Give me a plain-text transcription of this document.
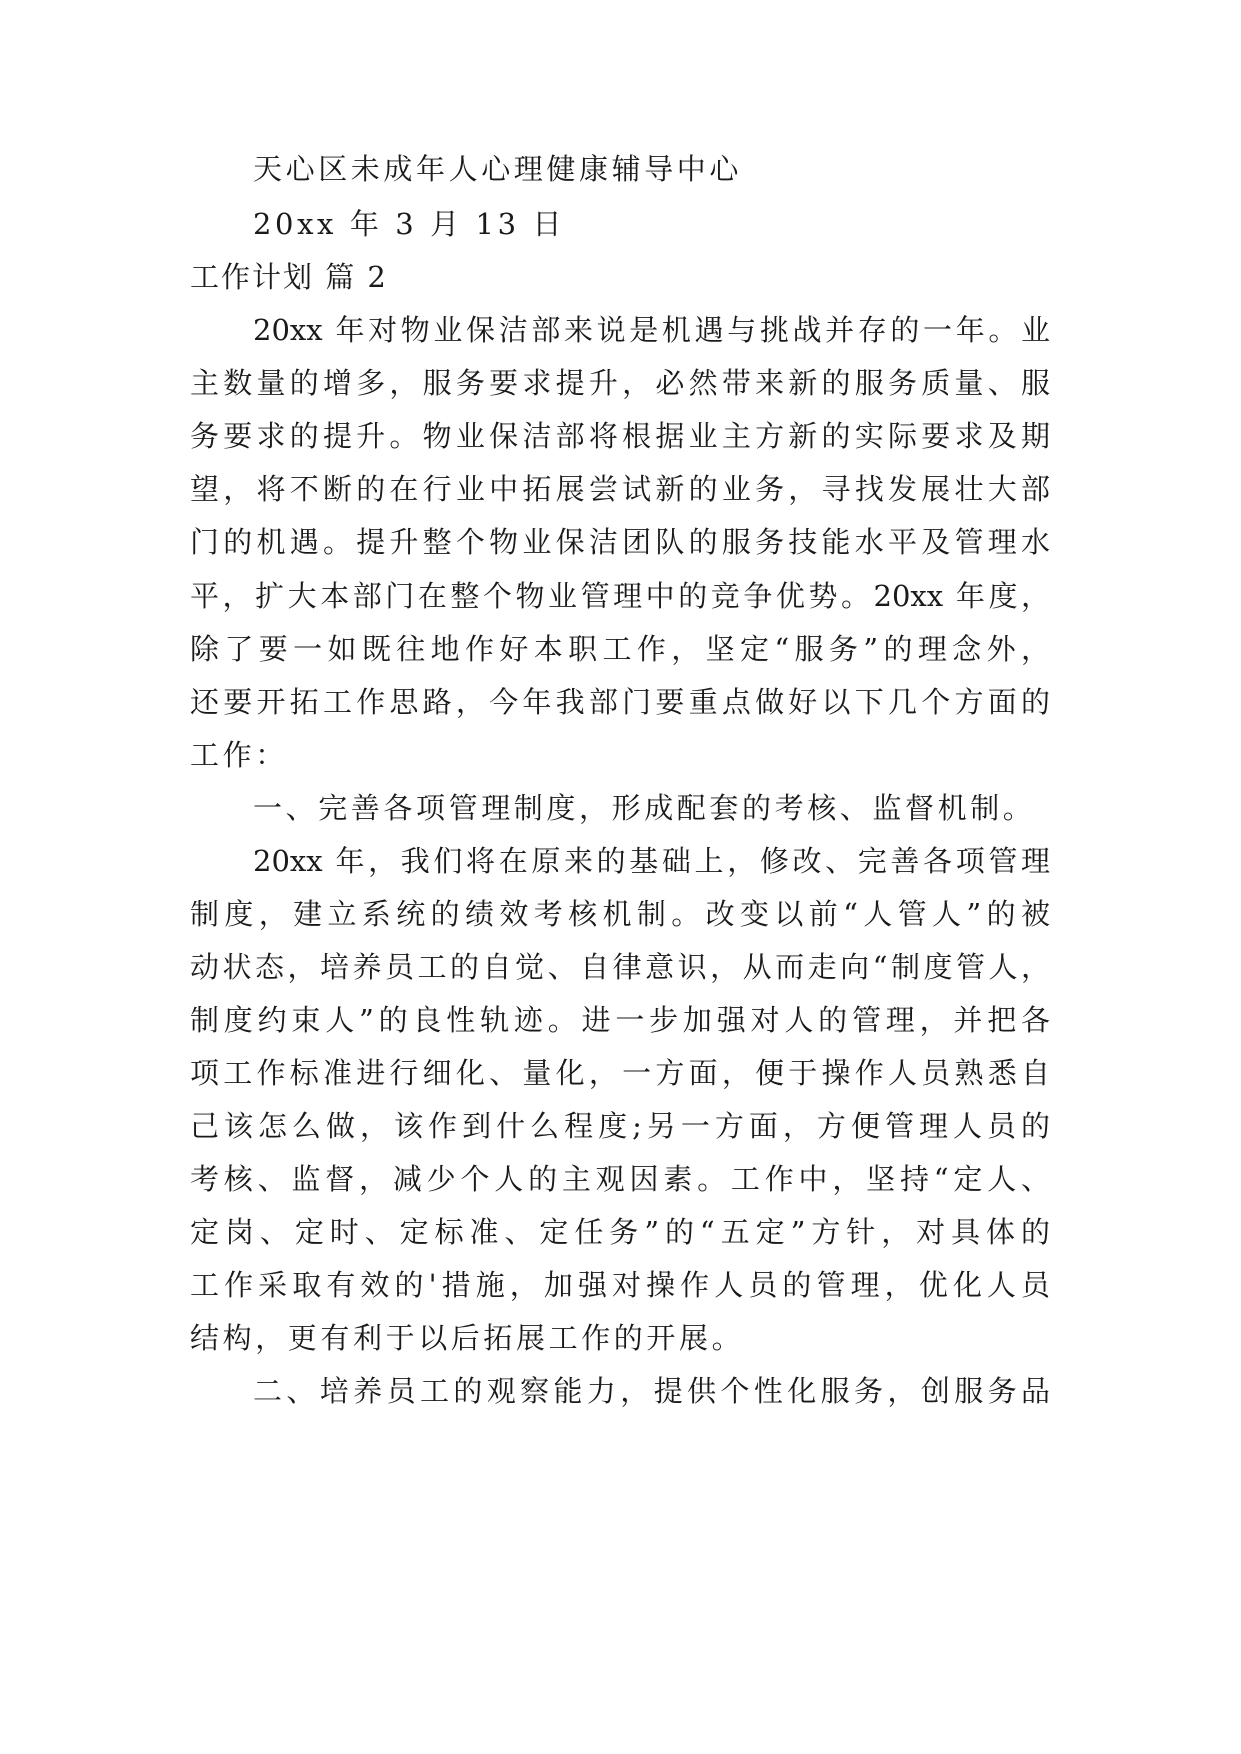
天心区未成年人心理健康辅导中心
20xx 年 3 月 13 日
工作计划 篇 2
20xx 年对物业保洁部来说是机遇与挑战并存的一年。业
主数量的增多，服务要求提升，必然带来新的服务质量、服
务要求的提升。物业保洁部将根据业主方新的实际要求及期
望，将不断的在行业中拓展尝试新的业务，寻找发展壮大部
门的机遇。提升整个物业保洁团队的服务技能水平及管理水
平，扩大本部门在整个物业管理中的竞争优势。20xx 年度，
除了要一如既往地作好本职工作，坚定“服务”的理念外，
还要开拓工作思路，今年我部门要重点做好以下几个方面的
工作：
一、完善各项管理制度，形成配套的考核、监督机制。
20xx 年，我们将在原来的基础上，修改、完善各项管理
制度，建立系统的绩效考核机制。改变以前“人管人”的被
动状态，培养员工的自觉、自律意识，从而走向“制度管人，
制度约束人”的良性轨迹。进一步加强对人的管理，并把各
项工作标准进行细化、量化，一方面，便于操作人员熟悉自
己该怎么做，该作到什么程度;另一方面，方便管理人员的
考核、监督，减少个人的主观因素。工作中，坚持“定人、
定岗、定时、定标准、定任务”的“五定”方针，对具体的
工作采取有效的'措施，加强对操作人员的管理，优化人员
结构，更有利于以后拓展工作的开展。
二、培养员工的观察能力，提供个性化服务，创服务品
